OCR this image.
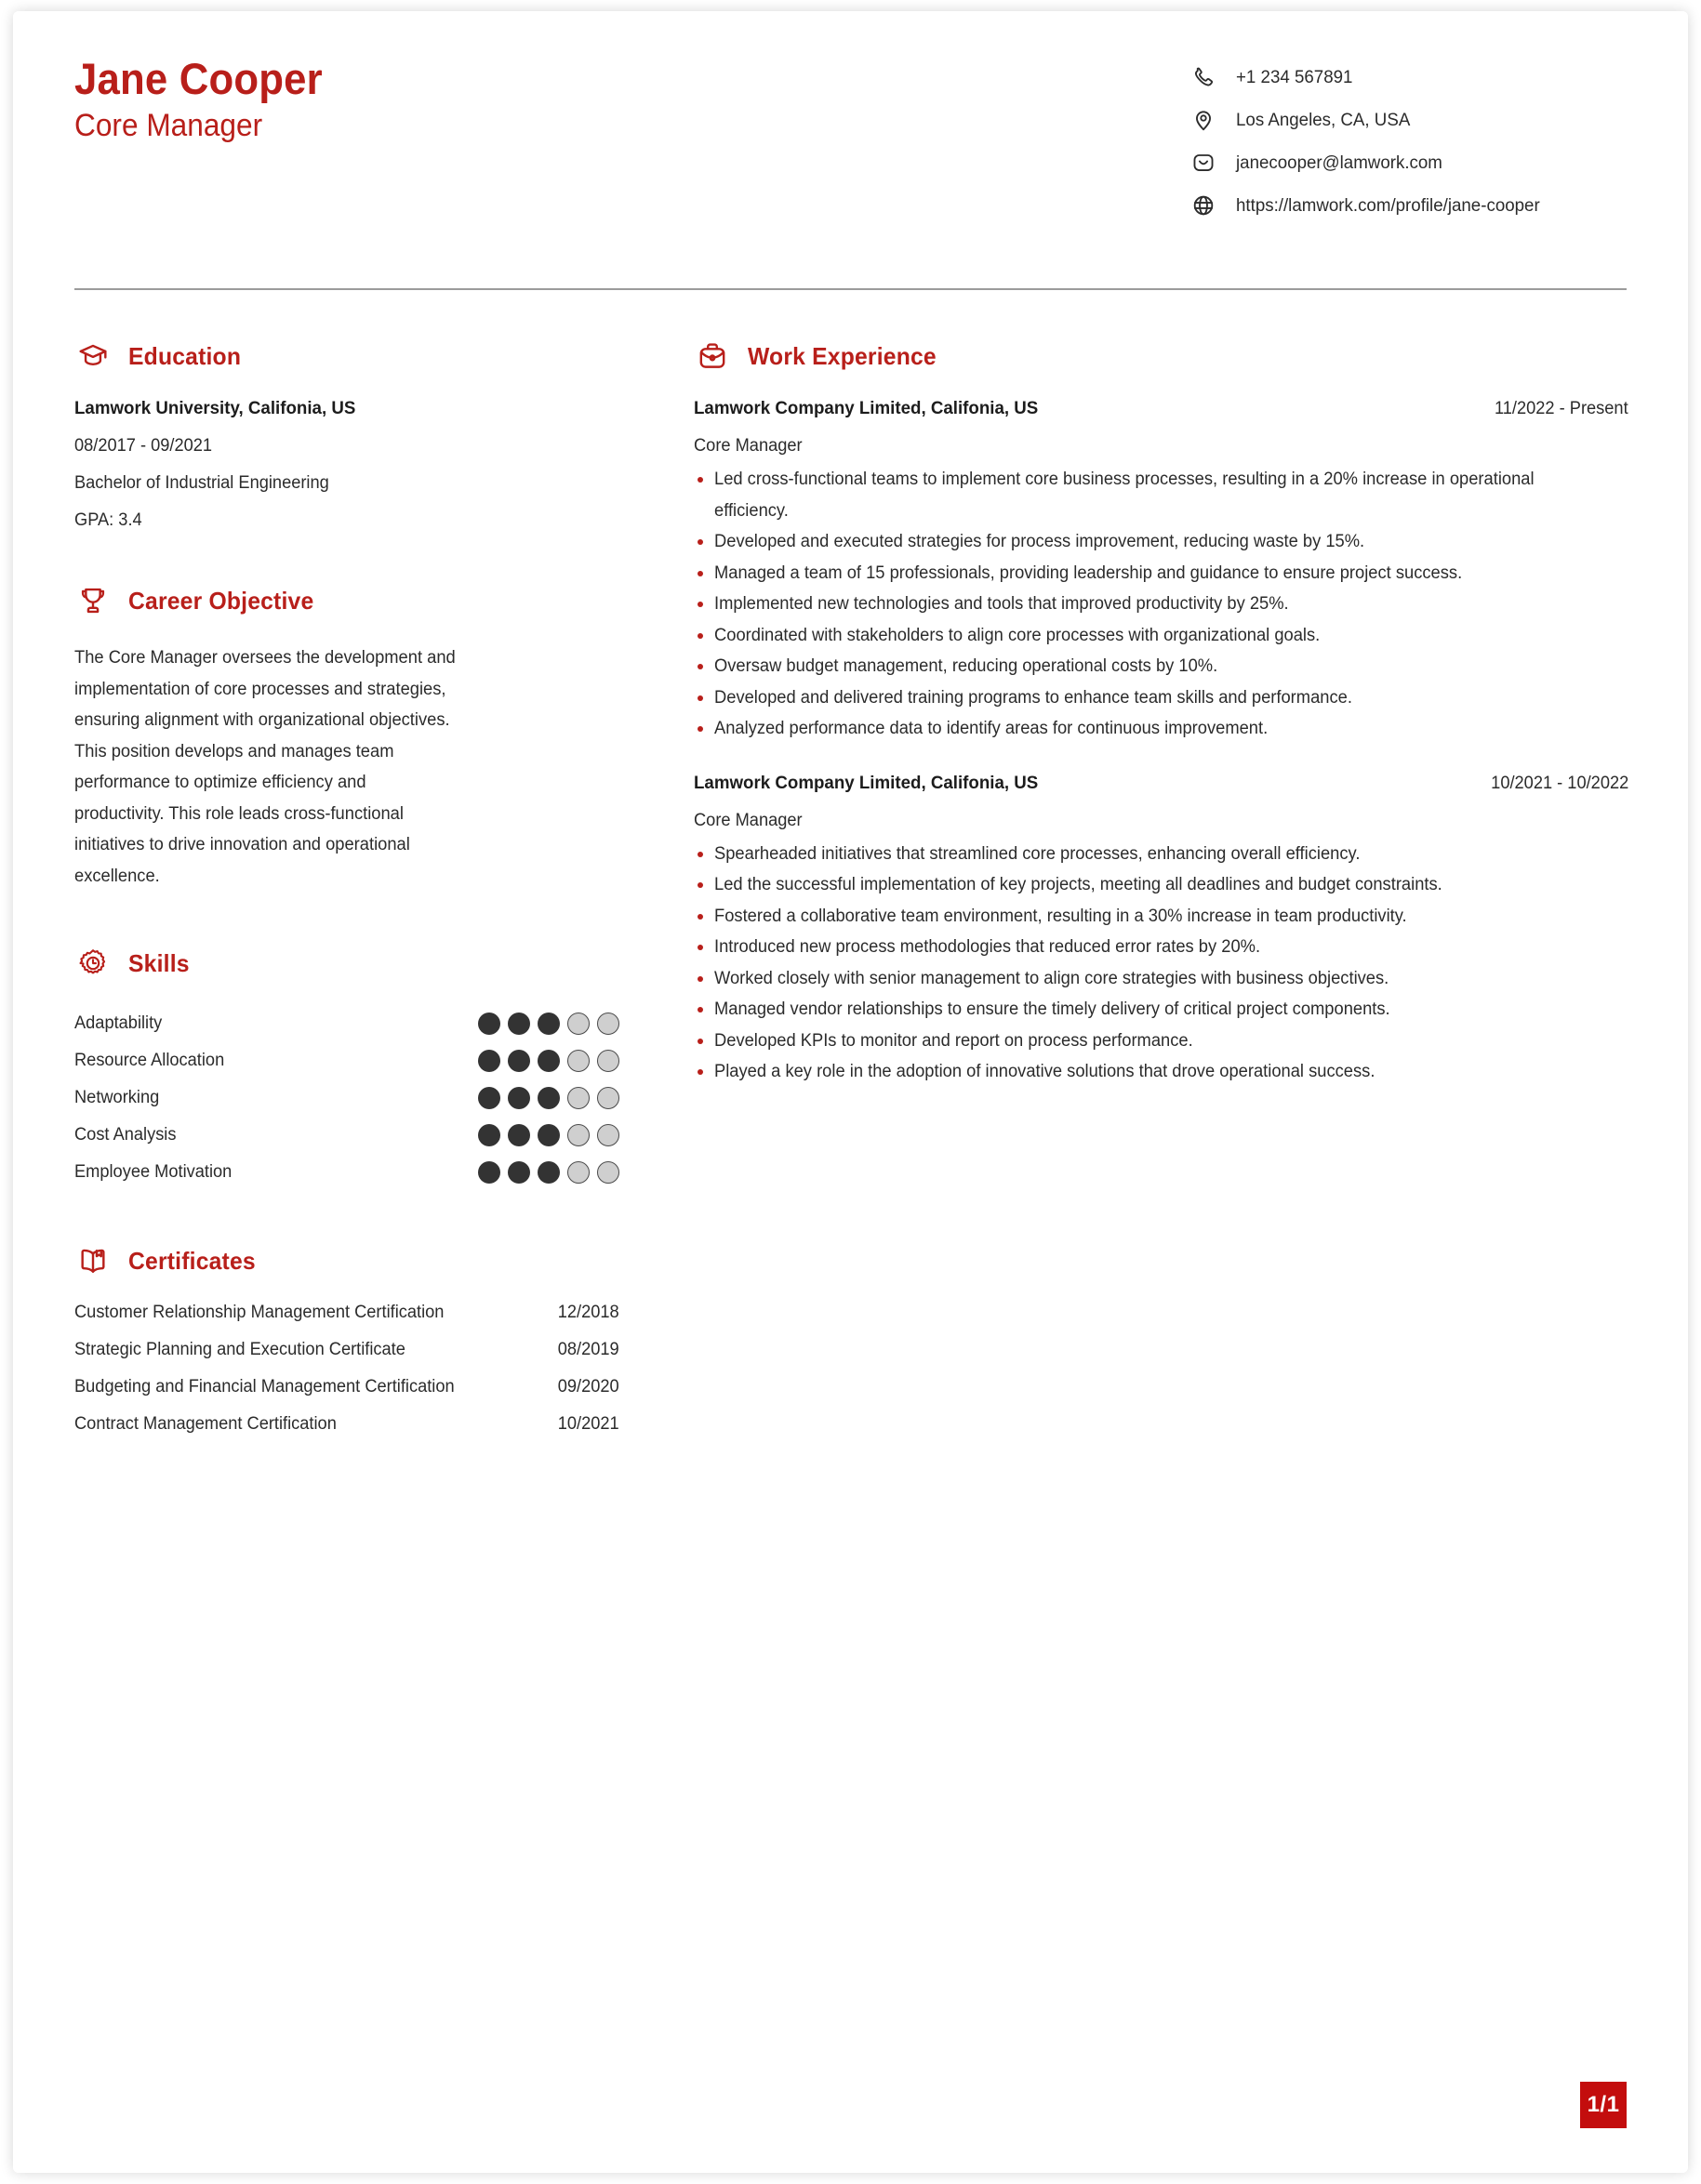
Jane Cooper
Core Manager
+1 234 567891
Los Angeles, CA, USA
janecooper@lamwork.com
https://lamwork.com/profile/jane-cooper
Education
Lamwork University, Califonia, US
08/2017 - 09/2021
Bachelor of Industrial Engineering
GPA: 3.4
Career Objective
The Core Manager oversees the development and implementation of core processes and strategies, ensuring alignment with organizational objectives. This position develops and manages team performance to optimize efficiency and productivity. This role leads cross-functional initiatives to drive innovation and operational excellence.
Skills
Adaptability
Resource Allocation
Networking
Cost Analysis
Employee Motivation
Certificates
Customer Relationship Management Certification	12/2018
Strategic Planning and Execution Certificate	08/2019
Budgeting and Financial Management Certification	09/2020
Contract Management Certification	10/2021
Work Experience
Lamwork Company Limited, Califonia, US	11/2022 - Present
Core Manager
Led cross-functional teams to implement core business processes, resulting in a 20% increase in operational efficiency.
Developed and executed strategies for process improvement, reducing waste by 15%.
Managed a team of 15 professionals, providing leadership and guidance to ensure project success.
Implemented new technologies and tools that improved productivity by 25%.
Coordinated with stakeholders to align core processes with organizational goals.
Oversaw budget management, reducing operational costs by 10%.
Developed and delivered training programs to enhance team skills and performance.
Analyzed performance data to identify areas for continuous improvement.
Lamwork Company Limited, Califonia, US	10/2021 - 10/2022
Core Manager
Spearheaded initiatives that streamlined core processes, enhancing overall efficiency.
Led the successful implementation of key projects, meeting all deadlines and budget constraints.
Fostered a collaborative team environment, resulting in a 30% increase in team productivity.
Introduced new process methodologies that reduced error rates by 20%.
Worked closely with senior management to align core strategies with business objectives.
Managed vendor relationships to ensure the timely delivery of critical project components.
Developed KPIs to monitor and report on process performance.
Played a key role in the adoption of innovative solutions that drove operational success.
1/1
